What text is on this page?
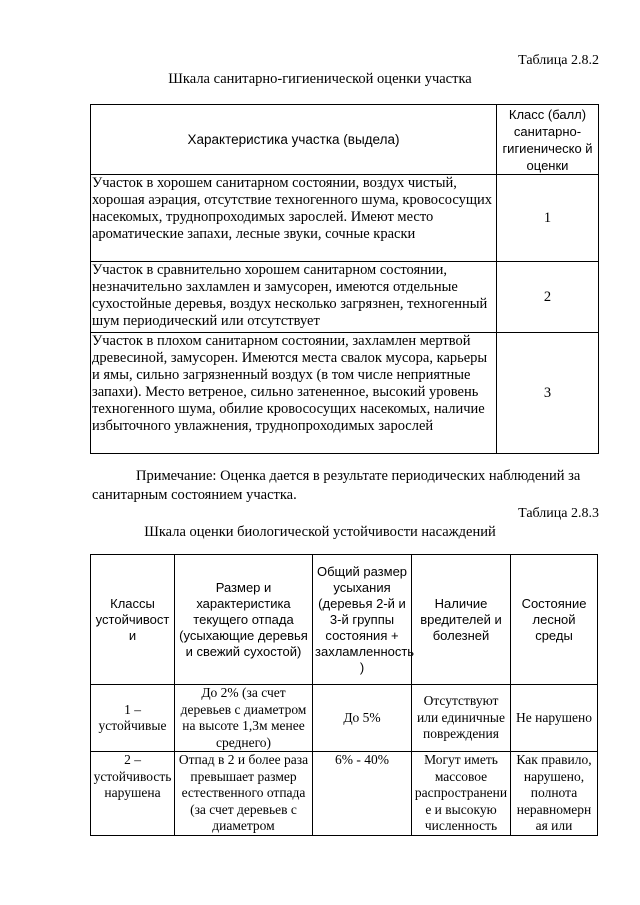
Таблица 2.8.2
Шкала санитарно-гигиенической оценки участка
Характеристика участка (выдела)	Класс (балл) санитарно-гигиеническо й оценки
Участок в хорошем санитарном состоянии, воздух чистый, хорошая аэрация, отсутствие техногенного шума, кровососущих насекомых, труднопроходимых зарослей. Имеют место ароматические запахи, лесные звуки, сочные краски	1
Участок в сравнительно хорошем санитарном состоянии, незначительно захламлен и замусорен, имеются отдельные сухостойные деревья, воздух несколько загрязнен, техногенный шум периодический или отсутствует	2
Участок в плохом санитарном состоянии, захламлен мертвой древесиной, замусорен. Имеются места свалок мусора, карьеры и ямы, сильно загрязненный воздух (в том числе неприятные запахи). Место ветреное, сильно затененное, высокий уровень техногенного шума, обилие кровососущих насекомых, наличие избыточного увлажнения, труднопроходимых зарослей	3
Примечание: Оценка дается в результате периодических наблюдений за санитарным состоянием участка.
Таблица 2.8.3
Шкала оценки биологической устойчивости насаждений
Классы устойчивост и	Размер и характеристика текущего отпада (усыхающие деревья и свежий сухостой)	Общий размер усыхания (деревья 2-й и 3-й группы состояния + захламленность )	Наличие вредителей и болезней	Состояние лесной среды
1 – устойчивые	До 2% (за счет деревьев с диаметром на высоте 1,3м менее среднего)	До 5%	Отсутствуют или единичные повреждения	Не нарушено
2 – устойчивость нарушена	Отпад в 2 и более раза превышает размер естественного отпада (за счет деревьев с диаметром	6% - 40%	Могут иметь массовое распространени е и высокую численность	Как правило, нарушено, полнота неравномерн ая или
